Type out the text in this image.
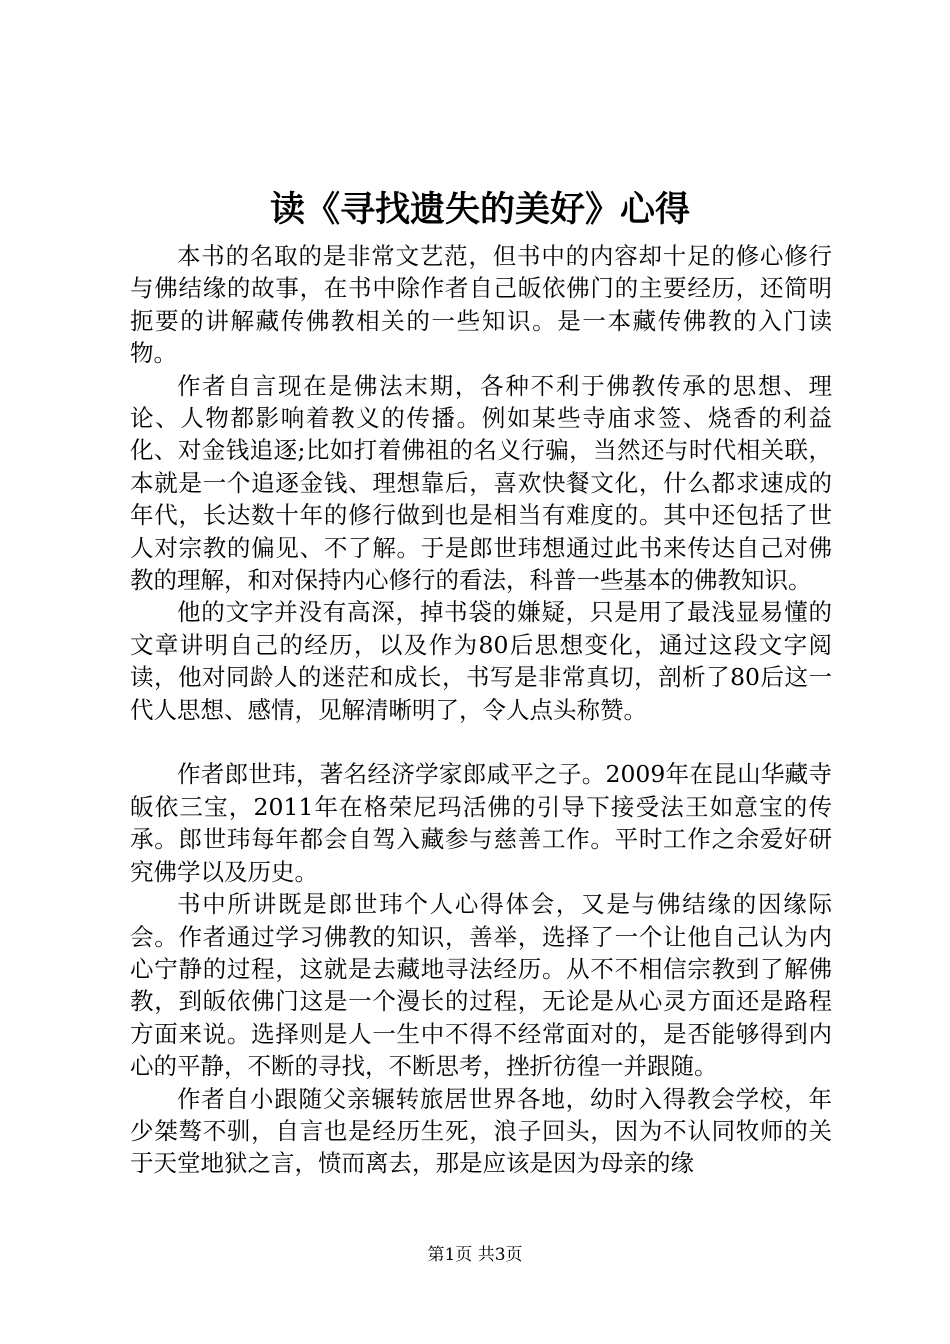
读《寻找遗失的美好》心得

本书的名取的是非常文艺范，但书中的内容却十足的修心修行与佛结缘的故事，在书中除作者自己皈依佛门的主要经历，还简明扼要的讲解藏传佛教相关的一些知识。是一本藏传佛教的入门读物。

作者自言现在是佛法末期，各种不利于佛教传承的思想、理论、人物都影响着教义的传播。例如某些寺庙求签、烧香的利益化、对金钱追逐;比如打着佛祖的名义行骗，当然还与时代相关联，本就是一个追逐金钱、理想靠后，喜欢快餐文化，什么都求速成的年代，长达数十年的修行做到也是相当有难度的。其中还包括了世人对宗教的偏见、不了解。于是郎世玮想通过此书来传达自己对佛教的理解，和对保持内心修行的看法，科普一些基本的佛教知识。

他的文字并没有高深，掉书袋的嫌疑，只是用了最浅显易懂的文章讲明自己的经历，以及作为80后思想变化，通过这段文字阅读，他对同龄人的迷茫和成长，书写是非常真切，剖析了80后这一代人思想、感情，见解清晰明了，令人点头称赞。

作者郎世玮，著名经济学家郎咸平之子。2009年在昆山华藏寺皈依三宝，2011年在格荣尼玛活佛的引导下接受法王如意宝的传承。郎世玮每年都会自驾入藏参与慈善工作。平时工作之余爱好研究佛学以及历史。

书中所讲既是郎世玮个人心得体会，又是与佛结缘的因缘际会。作者通过学习佛教的知识，善举，选择了一个让他自己认为内心宁静的过程，这就是去藏地寻法经历。从不不相信宗教到了解佛教，到皈依佛门这是一个漫长的过程，无论是从心灵方面还是路程方面来说。选择则是人一生中不得不经常面对的，是否能够得到内心的平静，不断的寻找，不断思考，挫折彷徨一并跟随。

作者自小跟随父亲辗转旅居世界各地，幼时入得教会学校，年少桀骜不驯，自言也是经历生死，浪子回头，因为不认同牧师的关于天堂地狱之言，愤而离去，那是应该是因为母亲的缘

第1页 共3页
